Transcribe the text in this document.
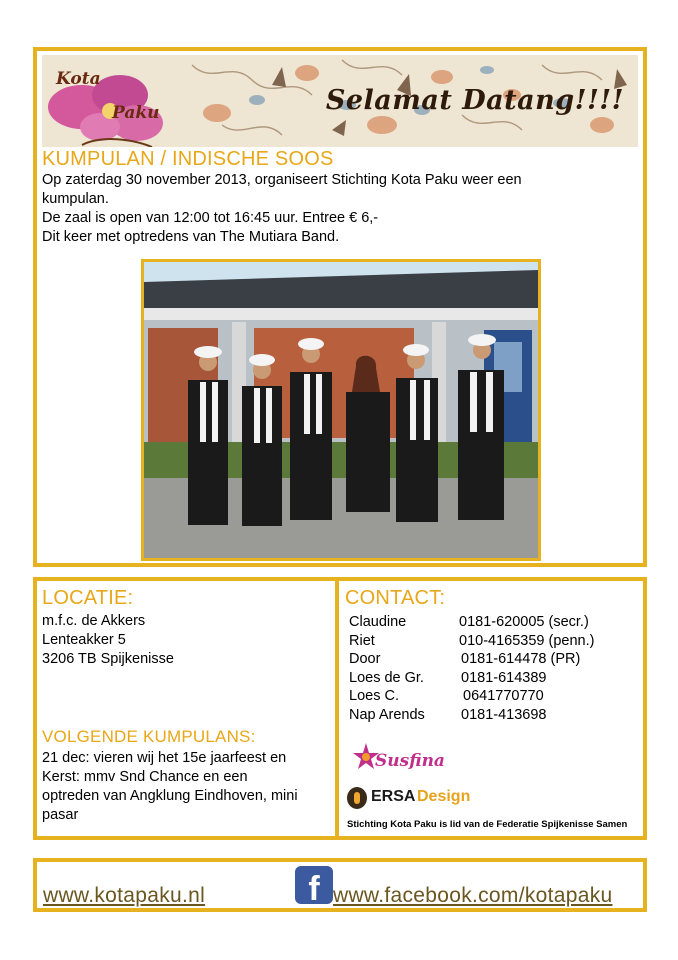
Kota
Paku	Selamat Datang!!!!
KUMPULAN / INDISCHE SOOS
Op zaterdag 30 november 2013, organiseert Stichting Kota Paku weer een
kumpulan.
De zaal is open van 12:00 tot 16:45 uur. Entree € 6,-
Dit keer met optredens van The Mutiara Band.
LOCATIE:
m.f.c. de Akkers
Lenteakker 5
3206 TB Spijkenisse
VOLGENDE KUMPULANS:
21 dec: vieren wij het 15e jaarfeest en
Kerst: mmv Snd Chance en een
optreden van Angklung Eindhoven, mini
pasar
CONTACT:
Claudine	0181-620005 (secr.)
Riet	010-4165359 (penn.)
Door	0181-614478 (PR)
Loes de Gr.	0181-614389
Loes C.	0641770770
Nap Arends 0181-413698
Susfina
ERSA Design
Stichting Kota Paku is lid van de Federatie Spijkenisse Samen
www.kotapaku.nl	f www.facebook.com/kotapaku
